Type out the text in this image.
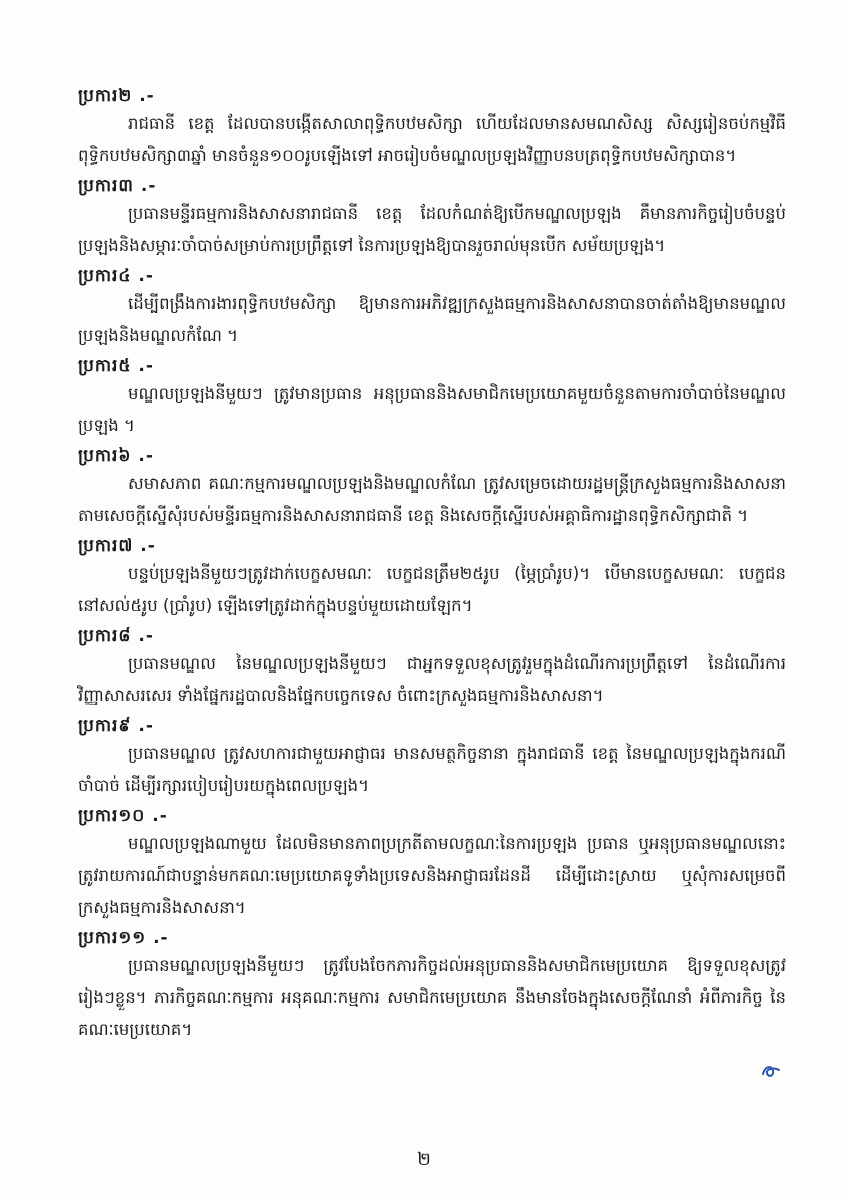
ប្រការ២ .-

រាជធានី ខេត្ត ដែលបានបង្កើតសាលាពុទ្ធិកបឋមសិក្សា ហើយដែលមានសមណសិស្ស សិស្សរៀនចប់កម្មវិធីពុទ្ធិកបឋមសិក្សា៣ឆ្នាំ មានចំនួន១០០រូបឡើងទៅ អាចរៀបចំមណ្ឌលប្រឡងវិញ្ញាបនបត្រពុទ្ធិកបឋមសិក្សាបាន។

ប្រការ៣ .-

ប្រធានមន្ទីរធម្មការនិងសាសនារាជធានី ខេត្ត ដែលកំណត់ឱ្យបើកមណ្ឌលប្រឡង គឺមានភារកិច្ចរៀបចំបន្ទប់ប្រឡងនិងសម្ភារៈចាំបាច់សម្រាប់ការប្រព្រឹត្តទៅ នៃការប្រឡងឱ្យបានរួចរាល់មុនបើក សម័យប្រឡង។

ប្រការ៤ .-

ដើម្បីពង្រឹងការងារពុទ្ធិកបឋមសិក្សា ឱ្យមានការអភិវឌ្ឍក្រសួងធម្មការនិងសាសនាបានចាត់តាំងឱ្យមានមណ្ឌលប្រឡងនិងមណ្ឌលកំណែ ។

ប្រការ៥ .-

មណ្ឌលប្រឡងនីមួយៗ ត្រូវមានប្រធាន អនុប្រធាននិងសមាជិកមេប្រយោគមួយចំនួនតាមការចាំបាច់នៃមណ្ឌលប្រឡង ។

ប្រការ៦ .-

សមាសភាព គណៈកម្មការមណ្ឌលប្រឡងនិងមណ្ឌលកំណែ ត្រូវសម្រេចដោយរដ្ឋមន្ត្រីក្រសួងធម្មការនិងសាសនា តាមសេចក្តីស្នើសុំរបស់មន្ទីរធម្មការនិងសាសនារាជធានី ខេត្ត និងសេចក្តីស្នើរបស់អគ្គាធិការដ្ឋានពុទ្ធិកសិក្សាជាតិ ។

ប្រការ៧ .-

បន្ទប់ប្រឡងនីមួយៗត្រូវដាក់បេក្ខសមណៈ បេក្ខជនត្រឹម២៥រូប (ម្ភៃប្រាំរូប)។ បើមានបេក្ខសមណៈ បេក្ខជននៅសល់៥រូប (ប្រាំរូប) ឡើងទៅត្រូវដាក់ក្នុងបន្ទប់មួយដោយឡែក។

ប្រការ៨ .-

ប្រធានមណ្ឌល នៃមណ្ឌលប្រឡងនីមួយៗ ជាអ្នកទទួលខុសត្រូវរួមក្នុងដំណើរការប្រព្រឹត្តទៅ នៃដំណើរការវិញ្ញាសាសរសេរ ទាំងផ្នែករដ្ឋបាលនិងផ្នែកបច្ចេកទេស ចំពោះក្រសួងធម្មការនិងសាសនា។

ប្រការ៩ .-

ប្រធានមណ្ឌល ត្រូវសហការជាមួយអាជ្ញាធរ មានសមត្ថកិច្ចនានា ក្នុងរាជធានី ខេត្ត នៃមណ្ឌលប្រឡងក្នុងករណីចាំបាច់ ដើម្បីរក្សារបៀបរៀបរយក្នុងពេលប្រឡង។

ប្រការ១០ .-

មណ្ឌលប្រឡងណាមួយ ដែលមិនមានភាពប្រក្រតីតាមលក្ខណៈនៃការប្រឡង ប្រធាន ឬអនុប្រធានមណ្ឌលនោះ ត្រូវរាយការណ៍ជាបន្ទាន់មកគណៈមេប្រយោគទូទាំងប្រទេសនិងអាជ្ញាធរដែនដី ដើម្បីដោះស្រាយ ឬសុំការសម្រេចពីក្រសួងធម្មការនិងសាសនា។

ប្រការ១១ .-

ប្រធានមណ្ឌលប្រឡងនីមួយៗ ត្រូវបែងចែកភារកិច្ចដល់អនុប្រធាននិងសមាជិកមេប្រយោគ ឱ្យទទួលខុសត្រូវរៀងៗខ្លួន។ ភារកិច្ចគណៈកម្មការ អនុគណៈកម្មការ សមាជិកមេប្រយោគ នឹងមានចែងក្នុងសេចក្តីណែនាំ អំពីភារកិច្ច នៃគណៈមេប្រយោគ។

២
